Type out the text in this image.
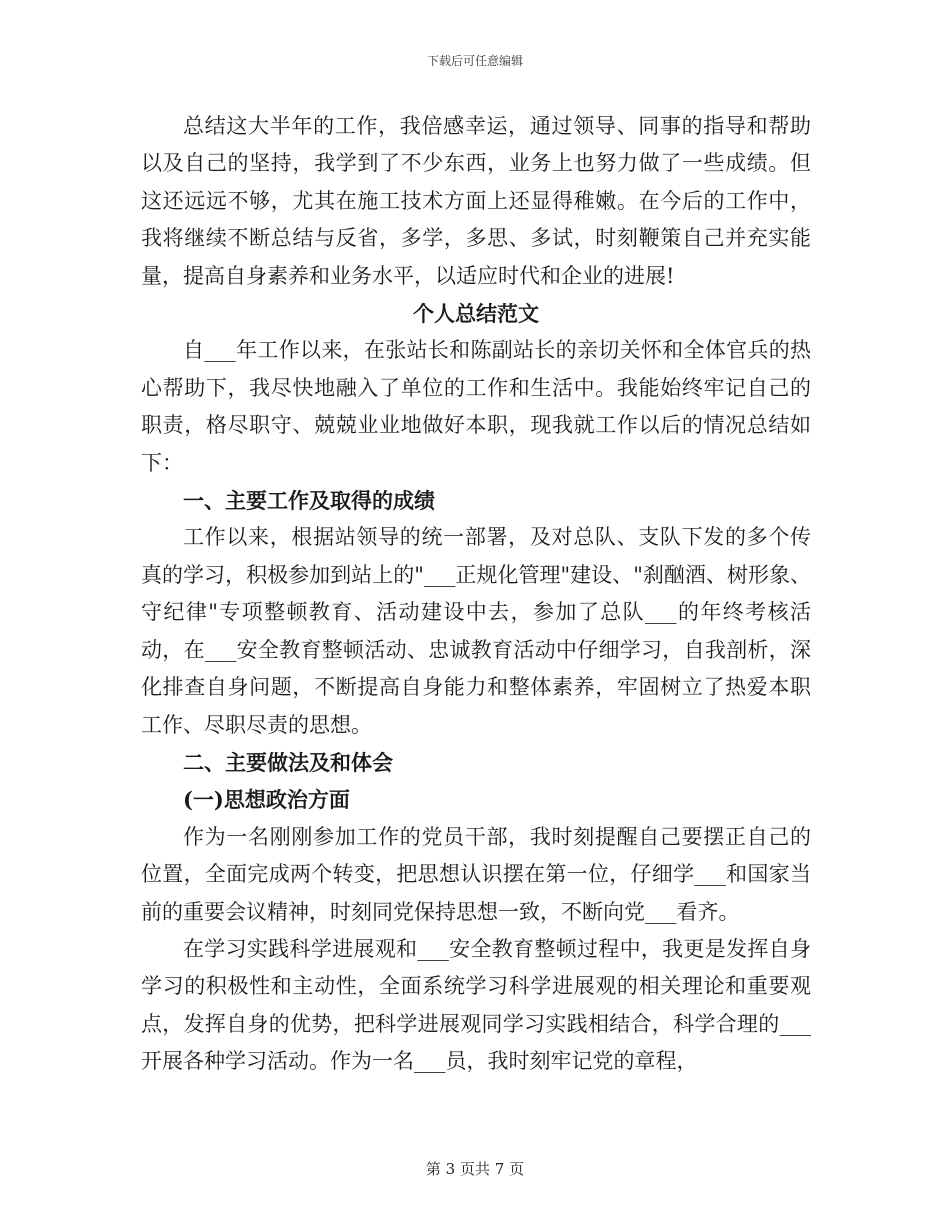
下载后可任意编辑

总结这大半年的工作，我倍感幸运，通过领导、同事的指导和帮助以及自己的坚持，我学到了不少东西，业务上也努力做了一些成绩。但这还远远不够，尤其在施工技术方面上还显得稚嫩。在今后的工作中，我将继续不断总结与反省，多学，多思、多试，时刻鞭策自己并充实能量，提高自身素养和业务水平，以适应时代和企业的进展!

个人总结范文

自___年工作以来，在张站长和陈副站长的亲切关怀和全体官兵的热心帮助下，我尽快地融入了单位的工作和生活中。我能始终牢记自己的职责，格尽职守、兢兢业业地做好本职，现我就工作以后的情况总结如下：

一、主要工作及取得的成绩

工作以来，根据站领导的统一部署，及对总队、支队下发的多个传真的学习，积极参加到站上的"___正规化管理"建设、"刹酗酒、树形象、守纪律"专项整顿教育、活动建设中去，参加了总队___的年终考核活动，在___安全教育整顿活动、忠诚教育活动中仔细学习，自我剖析，深化排查自身问题，不断提高自身能力和整体素养，牢固树立了热爱本职工作、尽职尽责的思想。

二、主要做法及和体会

(一)思想政治方面

作为一名刚刚参加工作的党员干部，我时刻提醒自己要摆正自己的位置，全面完成两个转变，把思想认识摆在第一位，仔细学___和国家当前的重要会议精神，时刻同党保持思想一致，不断向党___看齐。

在学习实践科学进展观和___安全教育整顿过程中，我更是发挥自身学习的积极性和主动性，全面系统学习科学进展观的相关理论和重要观点，发挥自身的优势，把科学进展观同学习实践相结合，科学合理的___开展各种学习活动。作为一名___员，我时刻牢记党的章程，

第 3 页共 7 页
